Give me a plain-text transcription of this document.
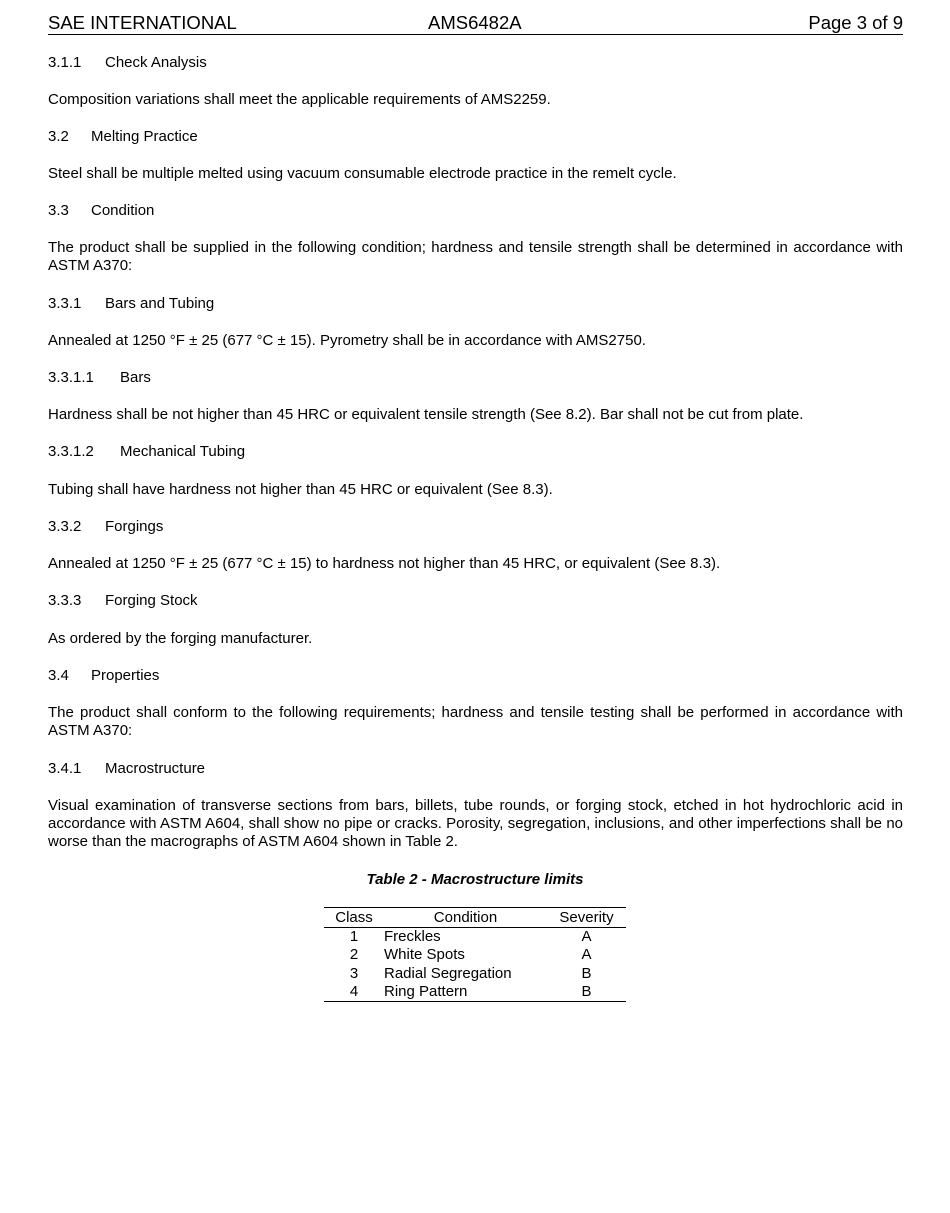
SAE INTERNATIONAL	AMS6482A	Page 3 of 9
3.1.1 Check Analysis
Composition variations shall meet the applicable requirements of AMS2259.
3.2 Melting Practice
Steel shall be multiple melted using vacuum consumable electrode practice in the remelt cycle.
3.3 Condition
The product shall be supplied in the following condition; hardness and tensile strength shall be determined in accordance with ASTM A370:
3.3.1 Bars and Tubing
Annealed at 1250 °F ± 25 (677 °C ± 15). Pyrometry shall be in accordance with AMS2750.
3.3.1.1 Bars
Hardness shall be not higher than 45 HRC or equivalent tensile strength (See 8.2). Bar shall not be cut from plate.
3.3.1.2 Mechanical Tubing
Tubing shall have hardness not higher than 45 HRC or equivalent (See 8.3).
3.3.2 Forgings
Annealed at 1250 °F ± 25 (677 °C ± 15) to hardness not higher than 45 HRC, or equivalent (See 8.3).
3.3.3 Forging Stock
As ordered by the forging manufacturer.
3.4 Properties
The product shall conform to the following requirements; hardness and tensile testing shall be performed in accordance with ASTM A370:
3.4.1 Macrostructure
Visual examination of transverse sections from bars, billets, tube rounds, or forging stock, etched in hot hydrochloric acid in accordance with ASTM A604, shall show no pipe or cracks. Porosity, segregation, inclusions, and other imperfections shall be no worse than the macrographs of ASTM A604 shown in Table 2.
Table 2 - Macrostructure limits
Class	Condition	Severity
1	Freckles	A
2	White Spots	A
3	Radial Segregation	B
4	Ring Pattern	B
